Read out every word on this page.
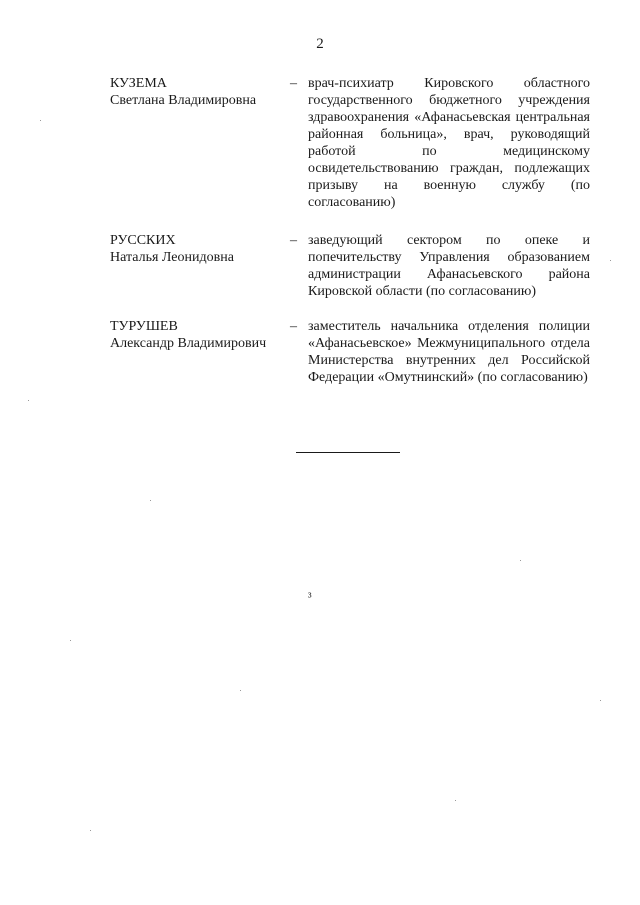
2
КУЗЕМА
Светлана Владимировна
– врач-психиатр Кировского областного государственного бюджетного учреждения здравоохранения «Афанасьевская центральная районная больница», врач, руководящий работой по медицинскому освидетельствованию граждан, подлежащих призыву на военную службу (по согласованию)
РУССКИХ
Наталья Леонидовна
– заведующий сектором по опеке и попечительству Управления образованием администрации Афанасьевского района Кировской области (по согласованию)
ТУРУШЕВ
Александр Владимирович
– заместитель начальника отделения полиции «Афанасьевское» Межмуниципального отдела Министерства внутренних дел Российской Федерации «Омутнинский» (по согласованию)
³
